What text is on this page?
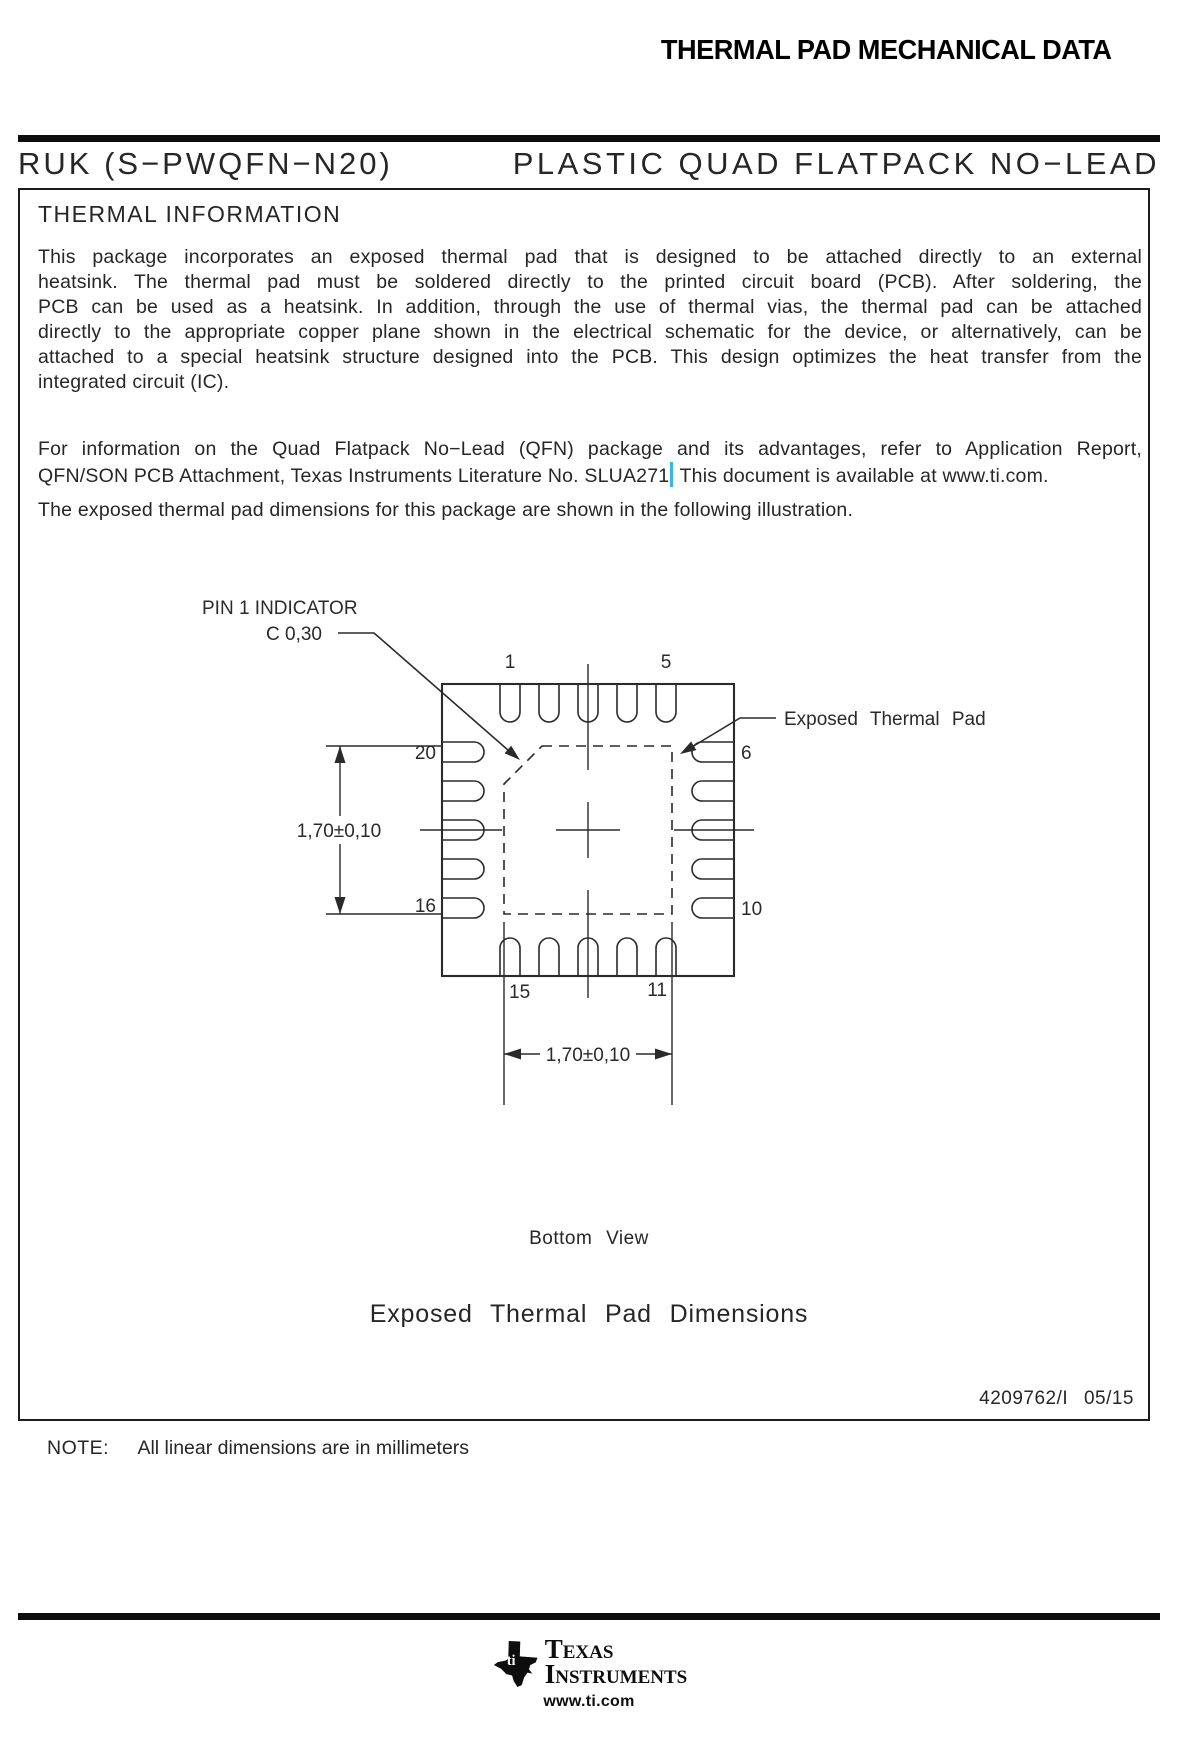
THERMAL PAD MECHANICAL DATA
RUK (S−PWQFN−N20)	PLASTIC QUAD FLATPACK NO−LEAD
THERMAL INFORMATION
This package incorporates an exposed thermal pad that is designed to be attached directly to an external
heatsink. The thermal pad must be soldered directly to the printed circuit board (PCB). After soldering, the
PCB can be used as a heatsink. In addition, through the use of thermal vias, the thermal pad can be attached
directly to the appropriate copper plane shown in the electrical schematic for the device, or alternatively, can be
attached to a special heatsink structure designed into the PCB. This design optimizes the heat transfer from the
integrated circuit (IC).
For information on the Quad Flatpack No−Lead (QFN) package and its advantages, refer to Application Report,
QFN/SON PCB Attachment, Texas Instruments Literature No. SLUA271 This document is available at www.ti.com.
The exposed thermal pad dimensions for this package are shown in the following illustration.
1	5
20
16
6
10
15	11
PIN 1 INDICATOR
C 0,30
Exposed Thermal Pad
1,70±0,10
1,70±0,10
Bottom View
Exposed Thermal Pad Dimensions
4209762/I 05/15
NOTE: All linear dimensions are in millimeters
ti Texas
Instruments
www.ti.com
